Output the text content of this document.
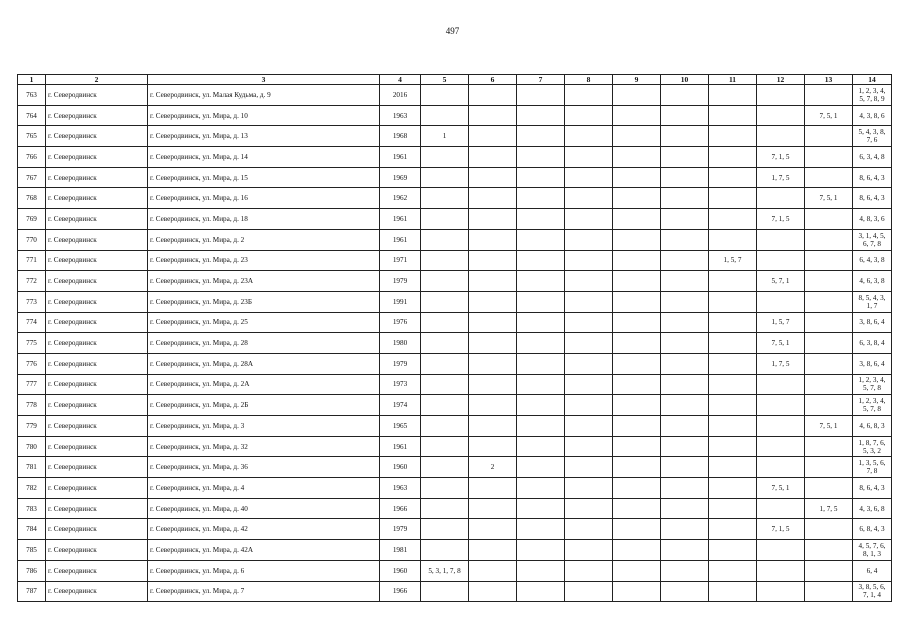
497
1	2	3	4	5	6	7	8	9	10	11	12	13	14
763	г. Северодвинск	г. Северодвинск, ул. Малая Кудьма, д. 9	2016										1, 2, 3, 4, 5, 7, 8, 9
764	г. Северодвинск	г. Северодвинск, ул. Мира, д. 10	1963									7, 5, 1	4, 3, 8, 6
765	г. Северодвинск	г. Северодвинск, ул. Мира, д. 13	1968	1									5, 4, 3, 8, 7, 6
766	г. Северодвинск	г. Северодвинск, ул. Мира, д. 14	1961								7, 1, 5		6, 3, 4, 8
767	г. Северодвинск	г. Северодвинск, ул. Мира, д. 15	1969								1, 7, 5		8, 6, 4, 3
768	г. Северодвинск	г. Северодвинск, ул. Мира, д. 16	1962									7, 5, 1	8, 6, 4, 3
769	г. Северодвинск	г. Северодвинск, ул. Мира, д. 18	1961								7, 1, 5		4, 8, 3, 6
770	г. Северодвинск	г. Северодвинск, ул. Мира, д. 2	1961										3, 1, 4, 5, 6, 7, 8
771	г. Северодвинск	г. Северодвинск, ул. Мира, д. 23	1971							1, 5, 7			6, 4, 3, 8
772	г. Северодвинск	г. Северодвинск, ул. Мира, д. 23А	1979								5, 7, 1		4, 6, 3, 8
773	г. Северодвинск	г. Северодвинск, ул. Мира, д. 23Б	1991										8, 5, 4, 3, 1, 7
774	г. Северодвинск	г. Северодвинск, ул. Мира, д. 25	1976								1, 5, 7		3, 8, 6, 4
775	г. Северодвинск	г. Северодвинск, ул. Мира, д. 28	1980								7, 5, 1		6, 3, 8, 4
776	г. Северодвинск	г. Северодвинск, ул. Мира, д. 28А	1979								1, 7, 5		3, 8, 6, 4
777	г. Северодвинск	г. Северодвинск, ул. Мира, д. 2А	1973										1, 2, 3, 4, 5, 7, 8
778	г. Северодвинск	г. Северодвинск, ул. Мира, д. 2Б	1974										1, 2, 3, 4, 5, 7, 8
779	г. Северодвинск	г. Северодвинск, ул. Мира, д. 3	1965									7, 5, 1	4, 6, 8, 3
780	г. Северодвинск	г. Северодвинск, ул. Мира, д. 32	1961										1, 8, 7, 6, 5, 3, 2
781	г. Северодвинск	г. Северодвинск, ул. Мира, д. 36	1960		2								1, 3, 5, 6, 7, 8
782	г. Северодвинск	г. Северодвинск, ул. Мира, д. 4	1963								7, 5, 1		8, 6, 4, 3
783	г. Северодвинск	г. Северодвинск, ул. Мира, д. 40	1966									1, 7, 5	4, 3, 6, 8
784	г. Северодвинск	г. Северодвинск, ул. Мира, д. 42	1979								7, 1, 5		6, 8, 4, 3
785	г. Северодвинск	г. Северодвинск, ул. Мира, д. 42А	1981										4, 5, 7, 6, 8, 1, 3
786	г. Северодвинск	г. Северодвинск, ул. Мира, д. 6	1960	5, 3, 1, 7, 8									6, 4
787	г. Северодвинск	г. Северодвинск, ул. Мира, д. 7	1966										3, 8, 5, 6, 7, 1, 4
